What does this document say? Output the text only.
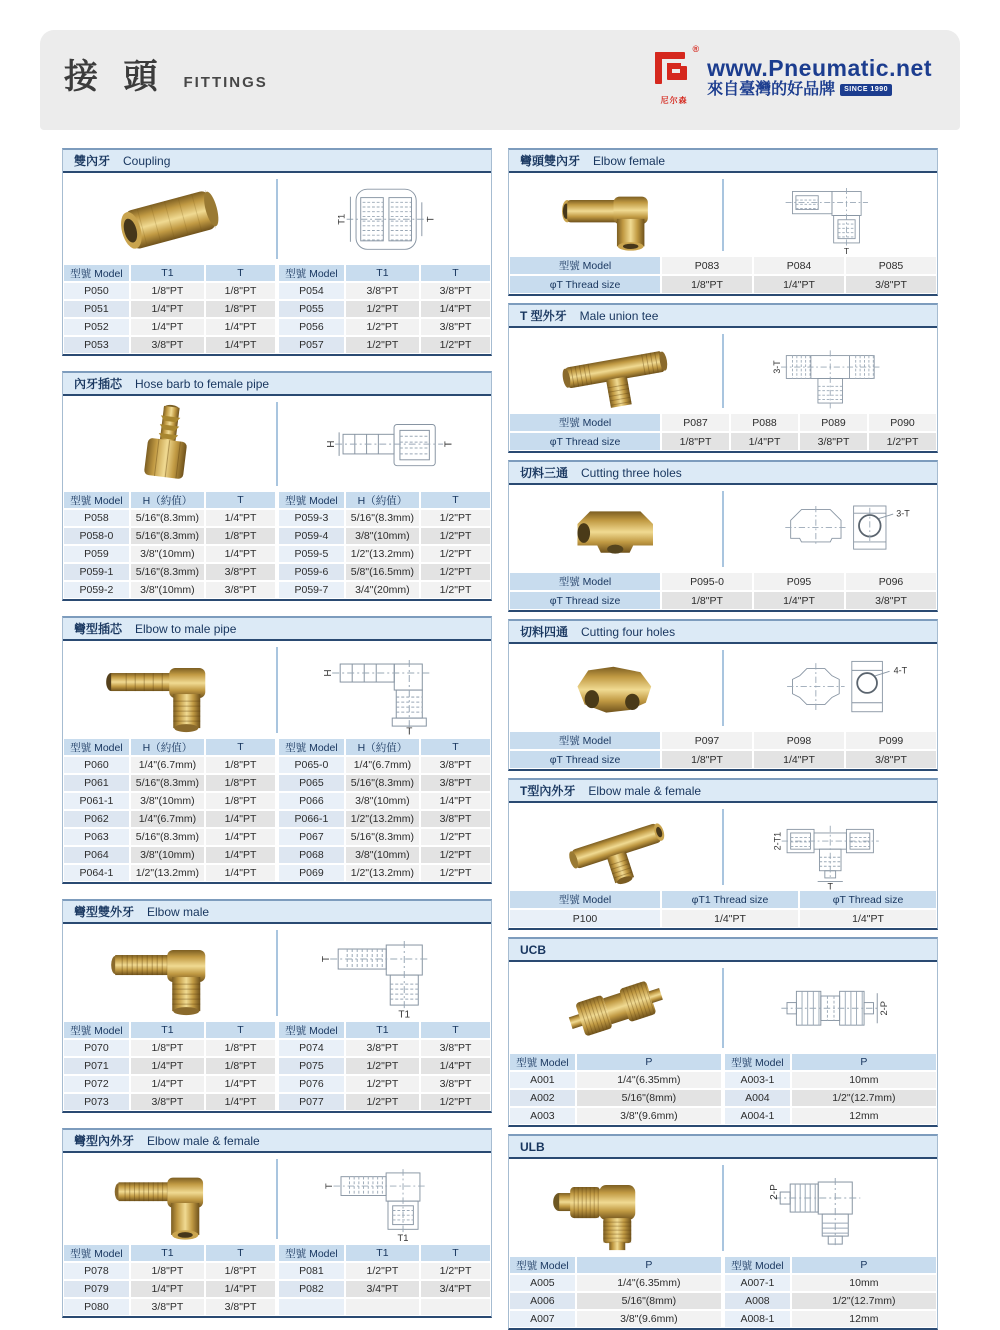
接 頭 FITTINGS
®
尼尔森
www.Pneumatic.net
來自臺灣的好品牌	SINCE 1990
雙內牙 Coupling
T1	T
型號 Model	T1	T
P050	1/8"PT	1/8"PT
P051	1/4"PT	1/8"PT
P052	1/4"PT	1/4"PT
P053	3/8"PT	1/4"PT
型號 Model	T1	T
P054	3/8"PT	3/8"PT
P055	1/2"PT	1/4"PT
P056	1/2"PT	3/8"PT
P057	1/2"PT	1/2"PT
內牙插芯 Hose barb to female pipe
H	T
型號 Model	H（約值）	T
P058	5/16"(8.3mm)	1/4"PT
P058-0	5/16"(8.3mm)	1/8"PT
P059	3/8"(10mm)	1/4"PT
P059-1	5/16"(8.3mm)	3/8"PT
P059-2	3/8"(10mm)	3/8"PT
型號 Model	H（約值）	T
P059-3	5/16"(8.3mm)	1/2"PT
P059-4	3/8"(10mm)	1/2"PT
P059-5	1/2"(13.2mm)	1/2"PT
P059-6	5/8"(16.5mm)	1/2"PT
P059-7	3/4"(20mm)	1/2"PT
彎型插芯 Elbow to male pipe
H
T
型號 Model	H（約值）	T
P060	1/4"(6.7mm)	1/8"PT
P061	5/16"(8.3mm)	1/8"PT
P061-1	3/8"(10mm)	1/8"PT
P062	1/4"(6.7mm)	1/4"PT
P063	5/16"(8.3mm)	1/4"PT
P064	3/8"(10mm)	1/4"PT
P064-1	1/2"(13.2mm)	1/4"PT
型號 Model	H（約值）	T
P065-0	1/4"(6.7mm)	3/8"PT
P065	5/16"(8.3mm)	3/8"PT
P066	3/8"(10mm)	1/4"PT
P066-1	1/2"(13.2mm)	3/8"PT
P067	5/16"(8.3mm)	1/2"PT
P068	3/8"(10mm)	1/2"PT
P069	1/2"(13.2mm)	1/2"PT
彎型雙外牙 Elbow male
T
T1
型號 Model	T1	T
P070	1/8"PT	1/8"PT
P071	1/4"PT	1/8"PT
P072	1/4"PT	1/4"PT
P073	3/8"PT	1/4"PT
型號 Model	T1	T
P074	3/8"PT	3/8"PT
P075	1/2"PT	1/4"PT
P076	1/2"PT	3/8"PT
P077	1/2"PT	1/2"PT
彎型內外牙 Elbow male & female
T
T1
型號 Model	T1	T
P078	1/8"PT	1/8"PT
P079	1/4"PT	1/4"PT
P080	3/8"PT	3/8"PT
型號 Model	T1	T
P081	1/2"PT	1/2"PT
P082	3/4"PT	3/4"PT
彎頭雙內牙 Elbow female
T
型號 Model	P083	P084	P085
φT Thread size	1/8"PT	1/4"PT	3/8"PT
T 型外牙 Male union tee
3-T
型號 Model	P087	P088	P089	P090
φT Thread size	1/8"PT	1/4"PT	3/8"PT	1/2"PT
切料三通 Cutting three holes
3-T
型號 Model	P095-0	P095	P096
φT Thread size	1/8"PT	1/4"PT	3/8"PT
切料四通 Cutting four holes
4-T
型號 Model	P097	P098	P099
φT Thread size	1/8"PT	1/4"PT	3/8"PT
T型內外牙 Elbow male & female
2-T1
T
型號 Model	φT1 Thread size	φT Thread size
P100	1/4"PT	1/4"PT
UCB
2-P
型號 Model	P
A001	1/4"(6.35mm)
A002	5/16"(8mm)
A003	3/8"(9.6mm)
型號 Model	P
A003-1	10mm
A004	1/2"(12.7mm)
A004-1	12mm
ULB
2-P
型號 Model	P
A005	1/4"(6.35mm)
A006	5/16"(8mm)
A007	3/8"(9.6mm)
型號 Model	P
A007-1	10mm
A008	1/2"(12.7mm)
A008-1	12mm
